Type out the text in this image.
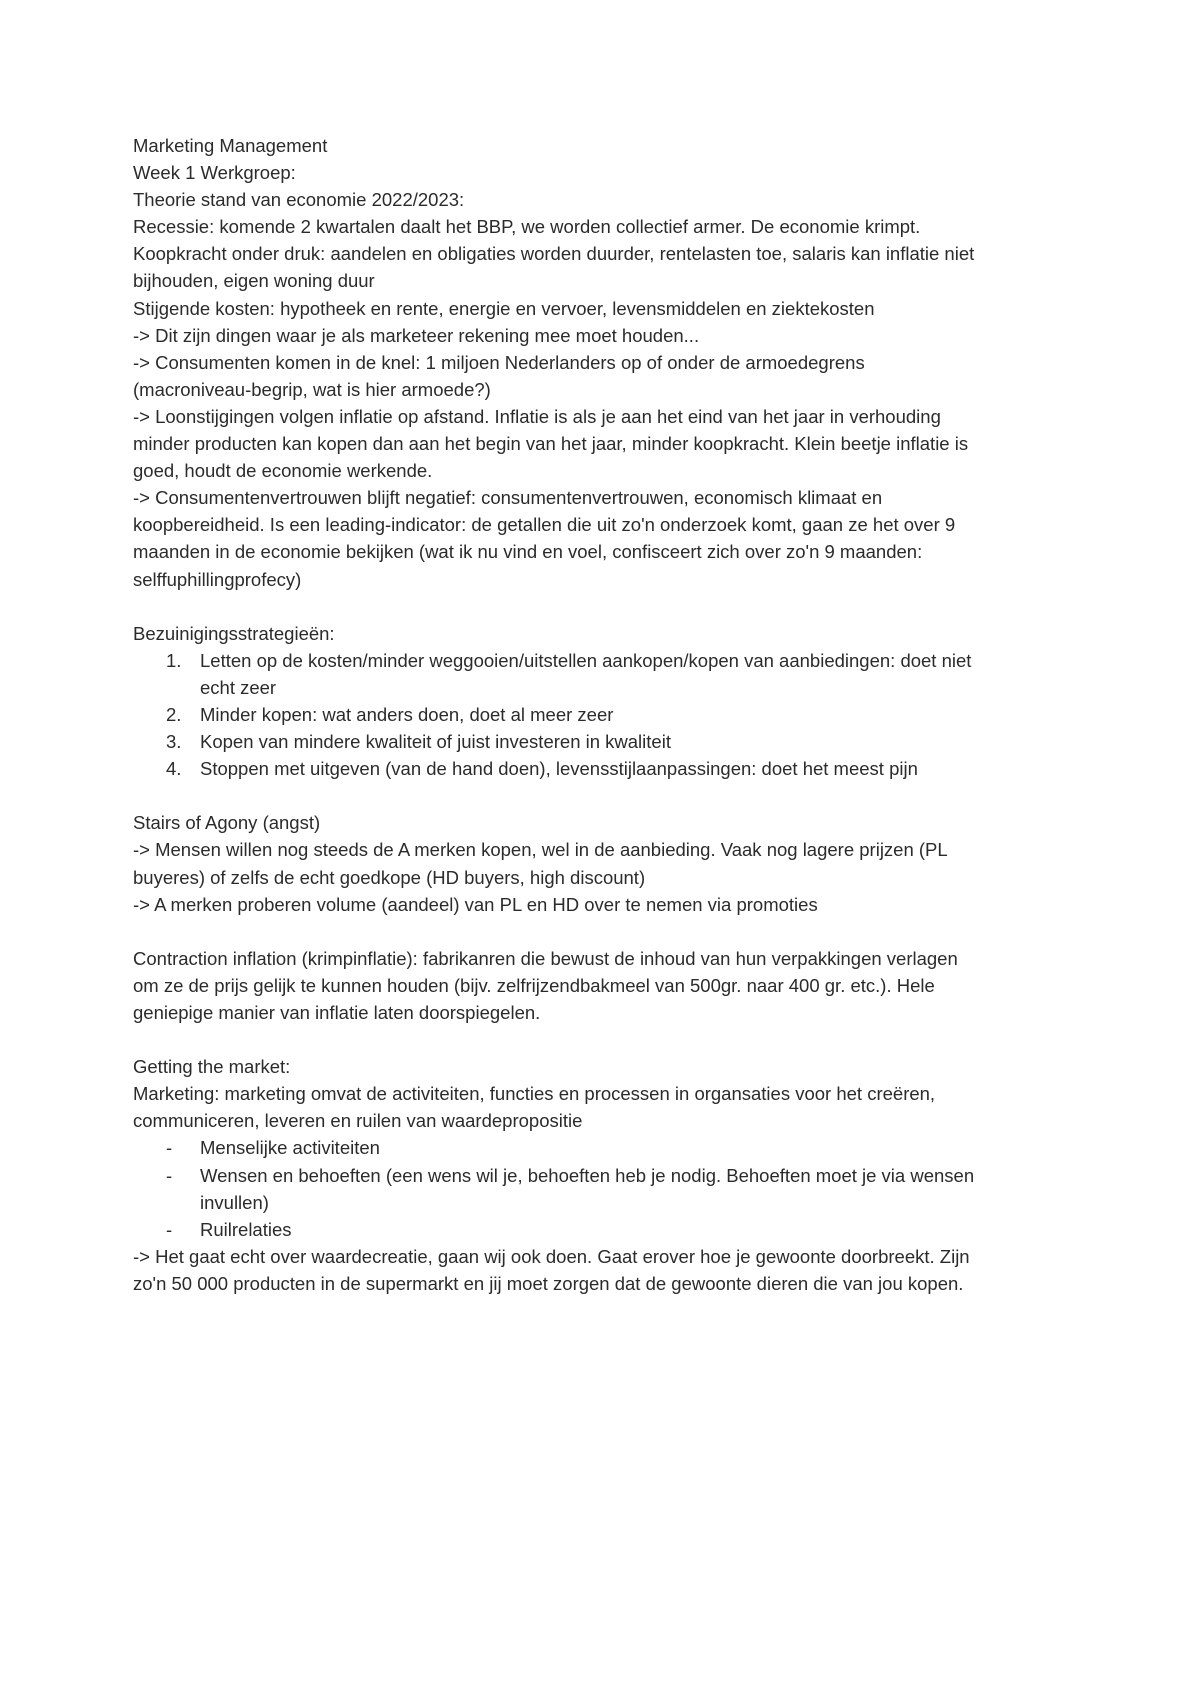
Marketing Management

Week 1 Werkgroep:

Theorie stand van economie 2022/2023:

Recessie: komende 2 kwartalen daalt het BBP, we worden collectief armer. De economie krimpt.

Koopkracht onder druk: aandelen en obligaties worden duurder, rentelasten toe, salaris kan inflatie niet bijhouden, eigen woning duur

Stijgende kosten: hypotheek en rente, energie en vervoer, levensmiddelen en ziektekosten

-> Dit zijn dingen waar je als marketeer rekening mee moet houden...

-> Consumenten komen in de knel: 1 miljoen Nederlanders op of onder de armoedegrens (macroniveau-begrip, wat is hier armoede?)

-> Loonstijgingen volgen inflatie op afstand. Inflatie is als je aan het eind van het jaar in verhouding minder producten kan kopen dan aan het begin van het jaar, minder koopkracht. Klein beetje inflatie is goed, houdt de economie werkende.

-> Consumentenvertrouwen blijft negatief: consumentenvertrouwen, economisch klimaat en koopbereidheid. Is een leading-indicator: de getallen die uit zo'n onderzoek komt, gaan ze het over 9 maanden in de economie bekijken (wat ik nu vind en voel, confisceert zich over zo'n 9 maanden: selffuphillingprofecy)

Bezuinigingsstrategieën:

1. Letten op de kosten/minder weggooien/uitstellen aankopen/kopen van aanbiedingen: doet niet echt zeer
2. Minder kopen: wat anders doen, doet al meer zeer
3. Kopen van mindere kwaliteit of juist investeren in kwaliteit
4. Stoppen met uitgeven (van de hand doen), levensstijlaanpassingen: doet het meest pijn

Stairs of Agony (angst)

-> Mensen willen nog steeds de A merken kopen, wel in de aanbieding. Vaak nog lagere prijzen (PL buyeres) of zelfs de echt goedkope (HD buyers, high discount)

-> A merken proberen volume (aandeel) van PL en HD over te nemen via promoties

Contraction inflation (krimpinflatie): fabrikanren die bewust de inhoud van hun verpakkingen verlagen om ze de prijs gelijk te kunnen houden (bijv. zelfrijzendbakmeel van 500gr. naar 400 gr. etc.). Hele geniepige manier van inflatie laten doorspiegelen.

Getting the market:

Marketing: marketing omvat de activiteiten, functies en processen in organsaties voor het creëren, communiceren, leveren en ruilen van waardepropositie

- Menselijke activiteiten
- Wensen en behoeften (een wens wil je, behoeften heb je nodig. Behoeften moet je via wensen invullen)
- Ruilrelaties

-> Het gaat echt over waardecreatie, gaan wij ook doen. Gaat erover hoe je gewoonte doorbreekt. Zijn zo'n 50 000 producten in de supermarkt en jij moet zorgen dat de gewoonte dieren die van jou kopen.
